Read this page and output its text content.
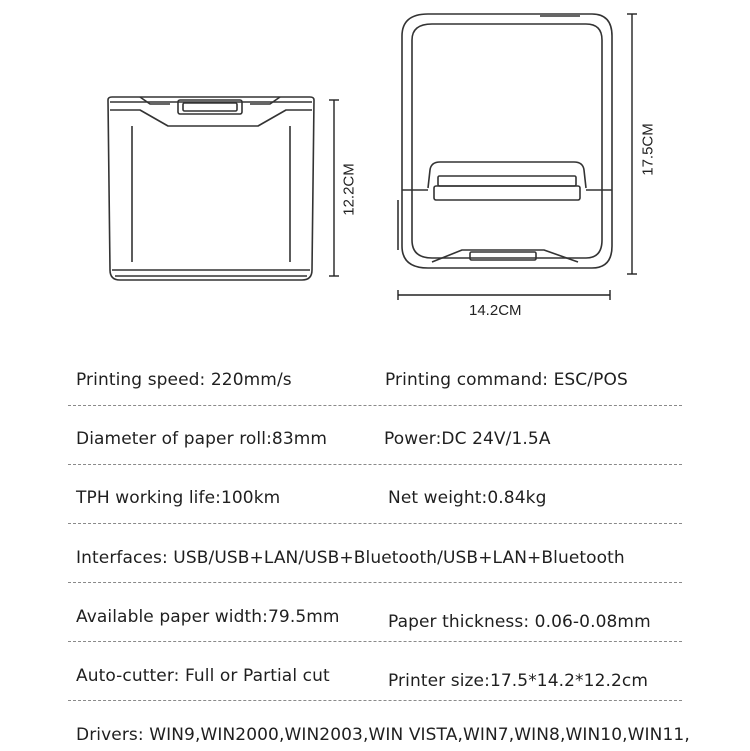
12.2CM
17.5CM
14.2CM
Printing speed: 220mm/s	Printing command: ESC/POS
Diameter of paper roll:83mm	Power:DC 24V/1.5A
TPH working life:100km	Net weight:0.84kg
Interfaces: USB/USB+LAN/USB+Bluetooth/USB+LAN+Bluetooth
Available paper width:79.5mm	Paper thickness: 0.06-0.08mm
Auto-cutter: Full or Partial cut	Printer size:17.5*14.2*12.2cm
Drivers: WIN9,WIN2000,WIN2003,WIN VISTA,WIN7,WIN8,WIN10,WIN11,
